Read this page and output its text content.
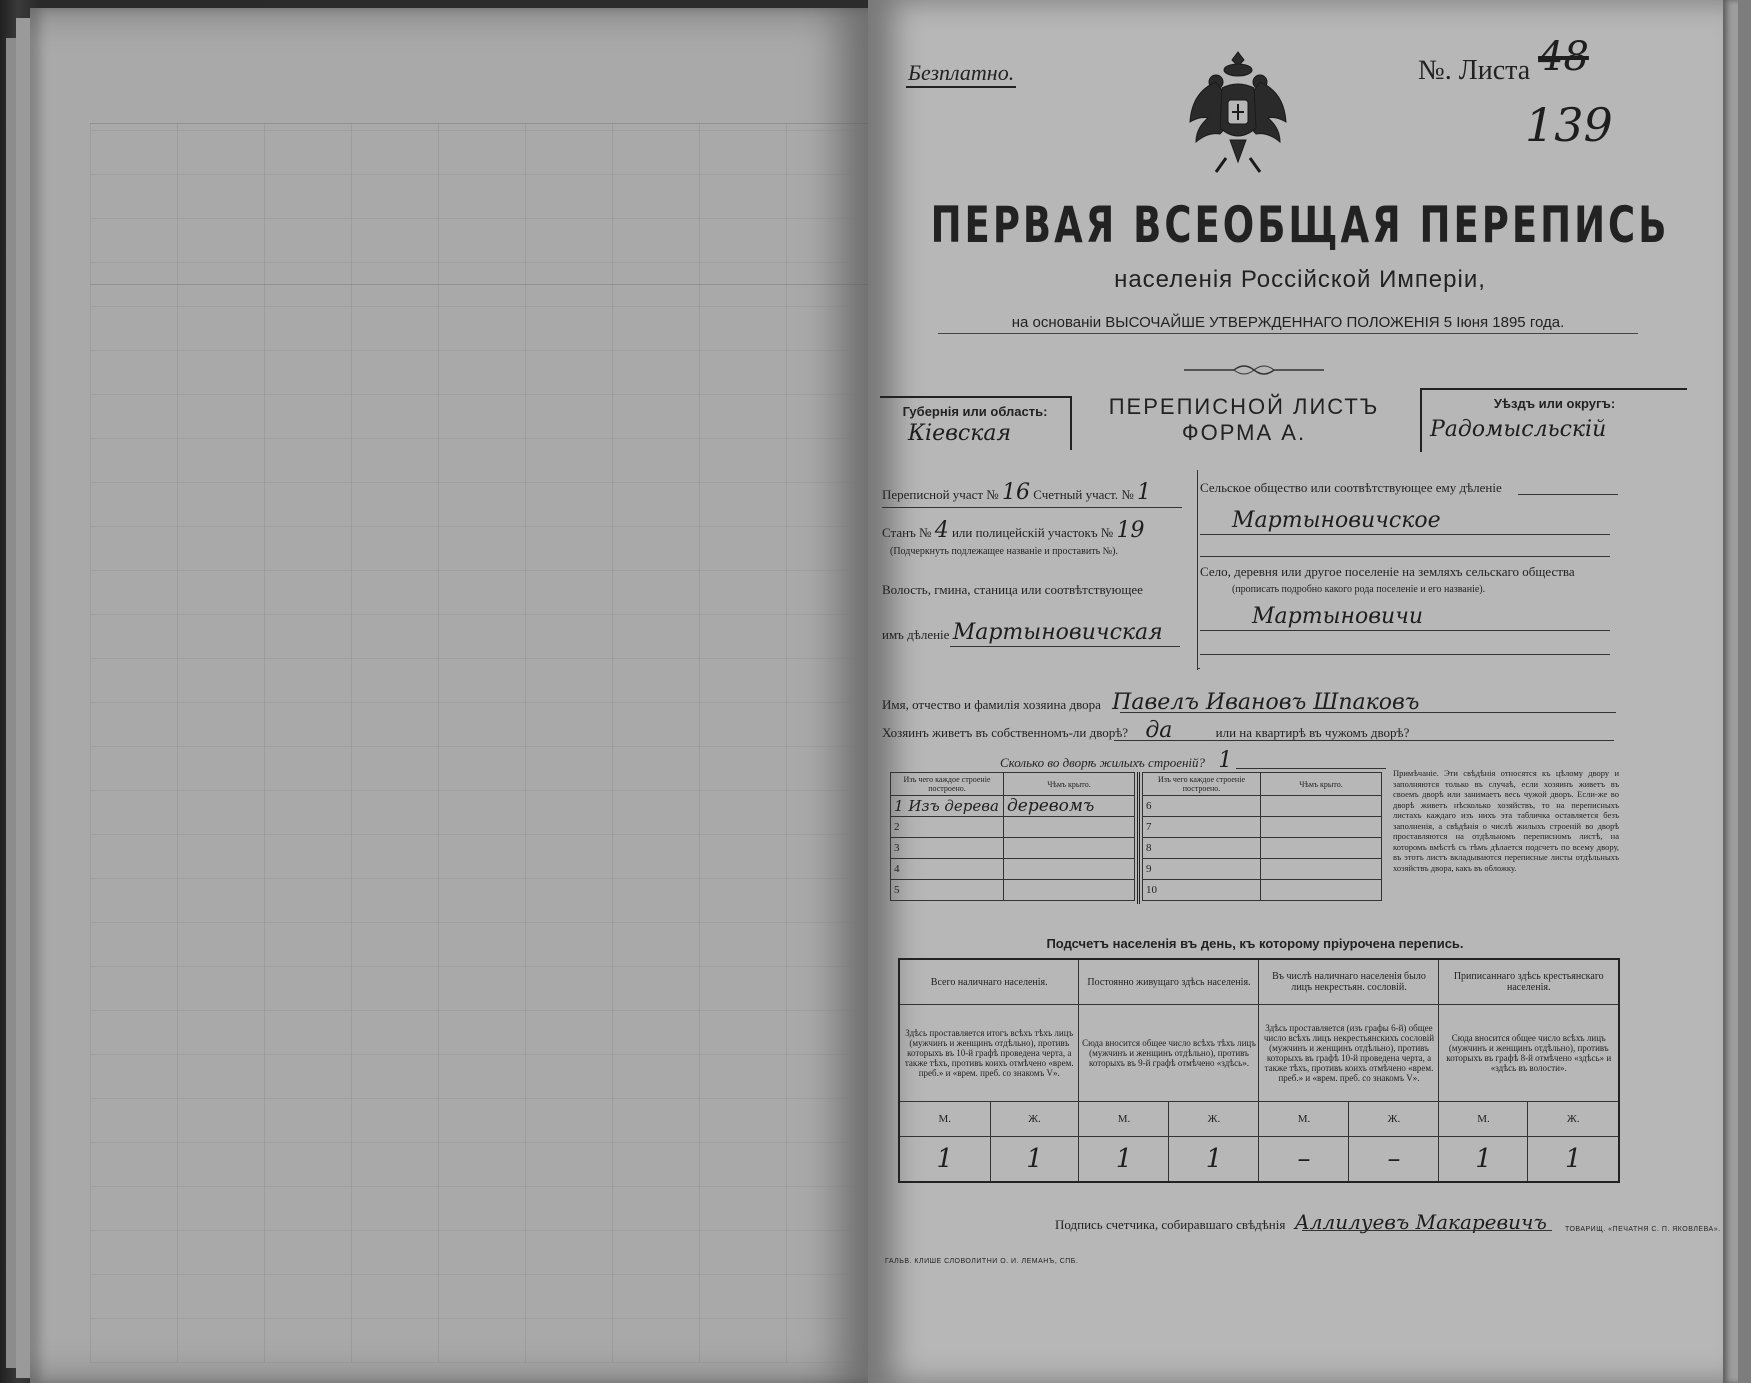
Безплатно.	№. Листа 48
139
ПЕРВАЯ ВСЕОБЩАЯ ПЕРЕПИСЬ
населенія Россійской Имперіи,
на основаніи ВЫСОЧАЙШЕ УТВЕРЖДЕННАГО ПОЛОЖЕНІЯ 5 Іюня 1895 года.
Губернія или область:
Кіевская
ПЕРЕПИСНОЙ ЛИСТЪ
ФОРМА А.
Уѣздъ или округъ:
Радомысльскій
Переписной участ № 16 Счетный участ. № 1
Станъ № 4 или полицейскій участокъ № 19
(Подчеркнуть подлежащее названіе и проставить №).
Волость, гмина, станица или соотвѣтствующее
имъ дѣленіе Мартыновичская
Сельское общество или соотвѣтствующее ему дѣленіе
Мартыновичское
Село, деревня или другое поселеніе на земляхъ сельскаго общества
(прописать подробно какого рода поселеніе и его названіе).
Мартыновичи
Имя, отчество и фамилія хозяина двора Павелъ Ивановъ Шпаковъ
Хозяинъ живетъ въ собственномъ-ли дворѣ? да	или на квартирѣ въ чужомъ дворѣ?
Сколько во дворѣ жилыхъ строеній? 1
Изъ чего каждое строеніе построено.	Чѣмъ крыто.
1 Изъ дерева	деревомъ
2	
3	
4	
5	
Изъ чего каждое строеніе построено.	Чѣмъ крыто.
6	
7	
8	
9	
10	
Примѣчаніе. Эти свѣдѣнія относятся къ цѣлому двору и заполняются только въ случаѣ, если хозяинъ живетъ въ своемъ дворѣ или занимаетъ весь чужой дворъ. Если-же во дворѣ живетъ нѣсколько хозяйствъ, то на переписныхъ листахъ каждаго изъ нихъ эта табличка оставляется безъ заполненія, а свѣдѣнія о числѣ жилыхъ строеній во дворѣ проставляются на отдѣльномъ переписномъ листѣ, на которомъ вмѣстѣ съ тѣмъ дѣлается подсчетъ по всему двору, въ этотъ листъ вкладываются переписные листы отдѣльныхъ хозяйствъ двора, какъ въ обложку.
Подсчетъ населенія въ день, къ которому пріурочена перепись.
Всего наличнаго населенія.		Постоянно живущаго здѣсь населенія.		Въ числѣ наличнаго населенія было лицъ некрестьян. сословій.		Приписаннаго здѣсь крестьянскаго населенія.	
Здѣсь проставляется итогъ всѣхъ тѣхъ лицъ (мужчинъ и женщинъ отдѣльно), противъ которыхъ въ 10-й графѣ проведена черта, а также тѣхъ, противъ коихъ отмѣчено «врем. преб.» и «врем. преб. со знакомъ V».		Сюда вносится общее число всѣхъ тѣхъ лицъ (мужчинъ и женщинъ отдѣльно), противъ которыхъ въ 9-й графѣ отмѣчено «здѣсь».		Здѣсь проставляется (изъ графы 6-й) общее число всѣхъ лицъ некрестьянскихъ сословій (мужчинъ и женщинъ отдѣльно), противъ которыхъ въ графѣ 10-й проведена черта, а также тѣхъ, противъ коихъ отмѣчено «врем. преб.» и «врем. преб. со знакомъ V».		Сюда вносится общее число всѣхъ лицъ (мужчинъ и женщинъ отдѣльно), противъ которыхъ въ графѣ 8-й отмѣчено «здѣсь» и «здѣсь въ волости».	
М.	Ж.	М.	Ж.	М.	Ж.	М.	Ж.
1	1	1	1	–	–	1	1
Подпись счетчика, собиравшаго свѣдѣнія Аллилуевъ Макаревичъ
ГАЛЬВ. КЛИШЕ СЛОВОЛИТНИ О. И. ЛЕМАНЪ, СПБ.
ТОВАРИЩ. «ПЕЧАТНЯ С. П. ЯКОВЛЕВА».
